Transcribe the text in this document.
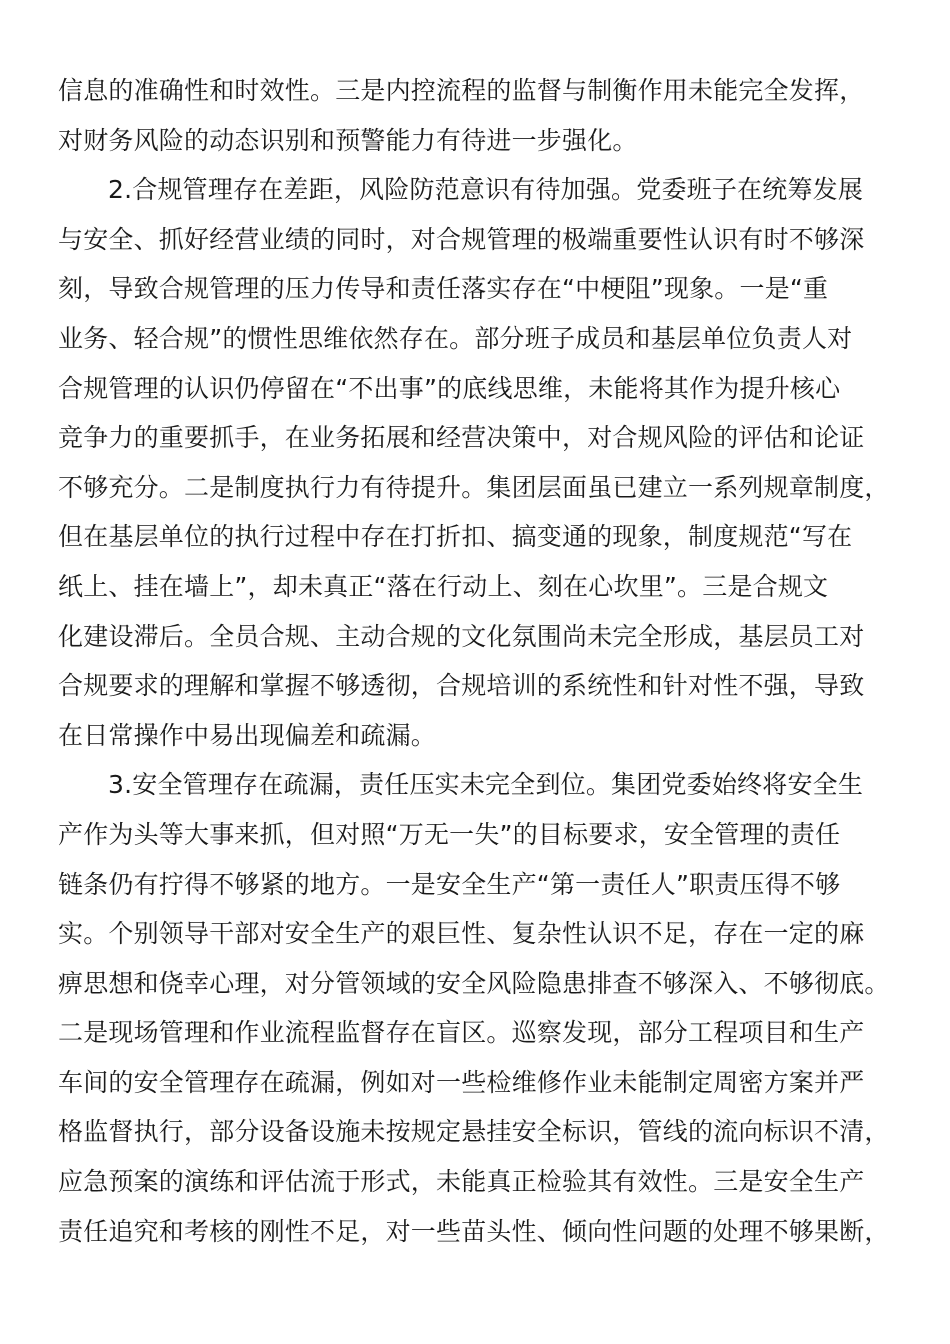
信息的准确性和时效性。三是内控流程的监督与制衡作用未能完全发挥，
对财务风险的动态识别和预警能力有待进一步强化。
2.合规管理存在差距，风险防范意识有待加强。党委班子在统筹发展
与安全、抓好经营业绩的同时，对合规管理的极端重要性认识有时不够深
刻，导致合规管理的压力传导和责任落实存在“中梗阻”现象。一是“重
业务、轻合规”的惯性思维依然存在。部分班子成员和基层单位负责人对
合规管理的认识仍停留在“不出事”的底线思维，未能将其作为提升核心
竞争力的重要抓手，在业务拓展和经营决策中，对合规风险的评估和论证
不够充分。二是制度执行力有待提升。集团层面虽已建立一系列规章制度，
但在基层单位的执行过程中存在打折扣、搞变通的现象，制度规范“写在
纸上、挂在墙上”，却未真正“落在行动上、刻在心坎里”。三是合规文
化建设滞后。全员合规、主动合规的文化氛围尚未完全形成，基层员工对
合规要求的理解和掌握不够透彻，合规培训的系统性和针对性不强，导致
在日常操作中易出现偏差和疏漏。
3.安全管理存在疏漏，责任压实未完全到位。集团党委始终将安全生
产作为头等大事来抓，但对照“万无一失”的目标要求，安全管理的责任
链条仍有拧得不够紧的地方。一是安全生产“第一责任人”职责压得不够
实。个别领导干部对安全生产的艰巨性、复杂性认识不足，存在一定的麻
痹思想和侥幸心理，对分管领域的安全风险隐患排查不够深入、不够彻底。
二是现场管理和作业流程监督存在盲区。巡察发现，部分工程项目和生产
车间的安全管理存在疏漏，例如对一些检维修作业未能制定周密方案并严
格监督执行，部分设备设施未按规定悬挂安全标识，管线的流向标识不清，
应急预案的演练和评估流于形式，未能真正检验其有效性。三是安全生产
责任追究和考核的刚性不足，对一些苗头性、倾向性问题的处理不够果断，
